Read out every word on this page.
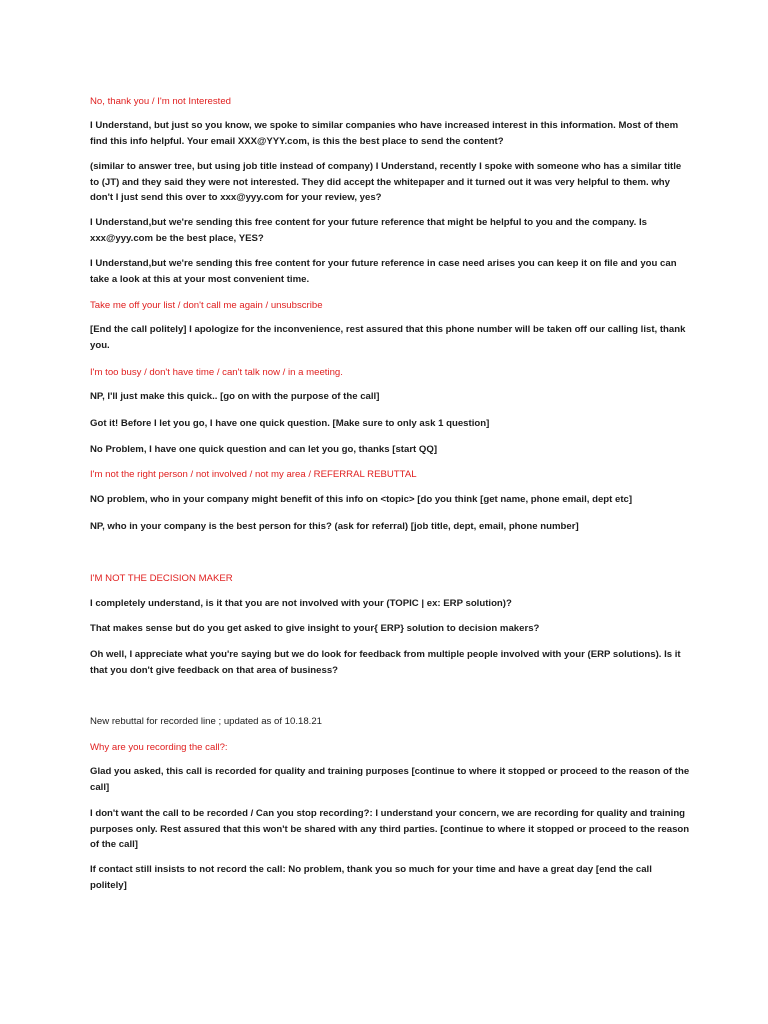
No, thank you / I'm not Interested

I Understand, but just so you know, we spoke to similar companies who have increased interest in this information. Most of them find this info helpful. Your email XXX@YYY.com, is this the best place to send the content?

(similar to answer tree, but using job title instead of company) I Understand, recently I spoke with someone who has a similar title to (JT) and they said they were not interested. They did accept the whitepaper and it turned out it was very helpful to them. why don't I just send this over to xxx@yyy.com for your review, yes?

I Understand,but we're sending this free content for your future reference that might be helpful to you and the company. Is xxx@yyy.com be the best place, YES?

I Understand,but we're sending this free content for your future reference in case need arises you can keep it on file and you can take a look at this at your most convenient time.

Take me off your list / don't call me again / unsubscribe

[End the call politely] I apologize for the inconvenience, rest assured that this phone number will be taken off our calling list, thank you.

I'm too busy / don't have time / can't talk now / in a meeting.

NP, I'll just make this quick.. [go on with the purpose of the call]

Got it! Before I let you go, I have one quick question. [Make sure to only ask 1 question]

No Problem, I have one quick question and can let you go, thanks [start QQ]

I'm not the right person / not involved / not my area / REFERRAL REBUTTAL

NO problem, who in your company might benefit of this info on <topic> [do you think [get name, phone email, dept etc]

NP, who in your company is the best person for this? (ask for referral) [job title, dept, email, phone number]

I'M NOT THE DECISION MAKER

I completely understand, is it that you are not involved with your (TOPIC | ex: ERP solution)?

That makes sense but do you get asked to give insight to your{ ERP} solution to decision makers?

Oh well, I appreciate what you're saying but we do look for feedback from multiple people involved with your (ERP solutions). Is it that you don't give feedback on that area of business?

New rebuttal for recorded line ; updated as of 10.18.21

Why are you recording the call?:

Glad you asked, this call is recorded for quality and training purposes [continue to where it stopped or proceed to the reason of the call]

I don't want the call to be recorded / Can you stop recording?: I understand your concern, we are recording for quality and training purposes only. Rest assured that this won't be shared with any third parties. [continue to where it stopped or proceed to the reason of the call]

If contact still insists to not record the call: No problem, thank you so much for your time and have a great day [end the call politely]
